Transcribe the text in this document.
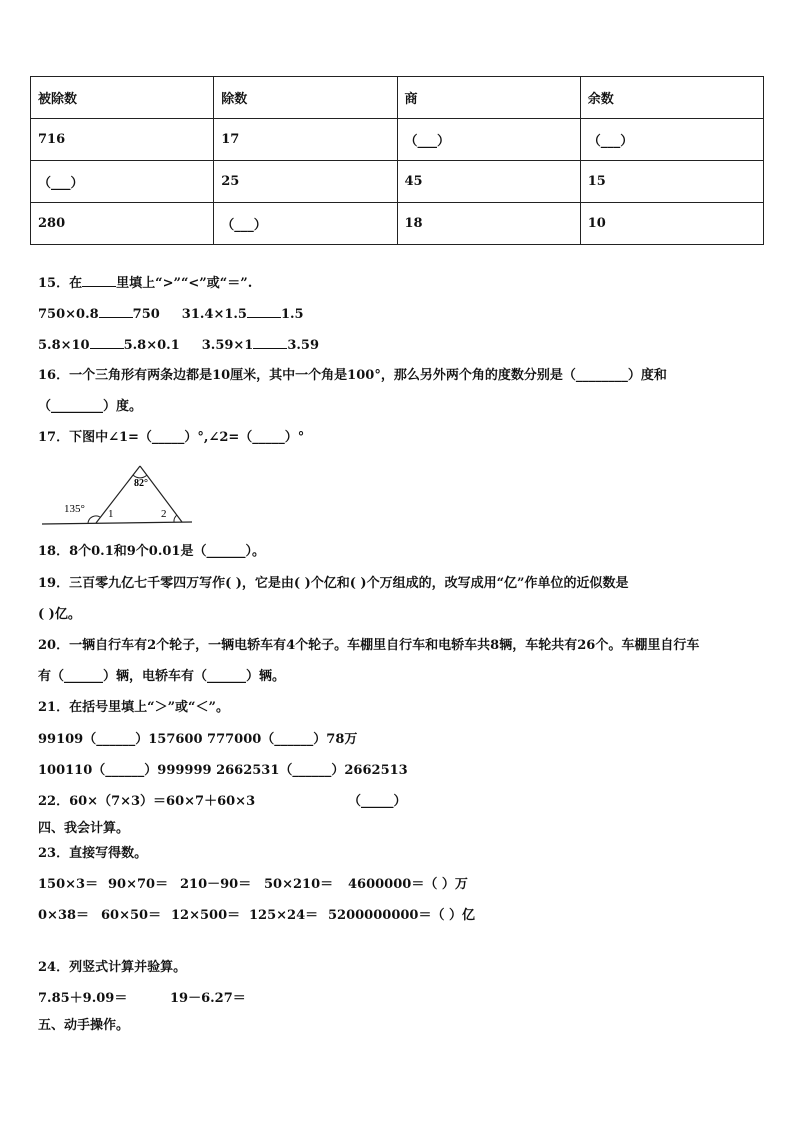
被除数	除数	商	余数
716	17	（___）	（___）
（___）	25	45	15
280	（___）	18	10
15．在	里填上“>”“<”或“＝”.
750×0.8	750 31.4×1.5	1.5
5.8×10	5.8×0.1 3.59×1	3.59
16．一个三角形有两条边都是10厘米，其中一个角是100°，那么另外两个角的度数分别是（________）度和
（________）度。
17．下图中∠1=（_____）°,∠2=（_____）°
82°
135° 1	2
18．8个0.1和9个0.01是（______）。
19．三百零九亿七千零四万写作( )，它是由( )个亿和( )个万组成的，改写成用“亿”作单位的近似数是
( )亿。
20．一辆自行车有2个轮子，一辆电轿车有4个轮子。车棚里自行车和电轿车共8辆，车轮共有26个。车棚里自行车
有（______）辆，电轿车有（______）辆。
21．在括号里填上“＞”或“＜”。
99109（______）157600 777000（______）78万
100110（______）999999 2662531（______）2662513
22．60×（7×3）＝60×7＋60×3	（_____）
四、我会计算。
23．直接写得数。
150×3＝ 90×70＝ 210－90＝ 50×210＝ 4600000＝（ ）万
0×38＝ 60×50＝ 12×500＝ 125×24＝ 5200000000＝（ ）亿
24．列竖式计算并验算。
7.85＋9.09＝	19－6.27＝
五、动手操作。
